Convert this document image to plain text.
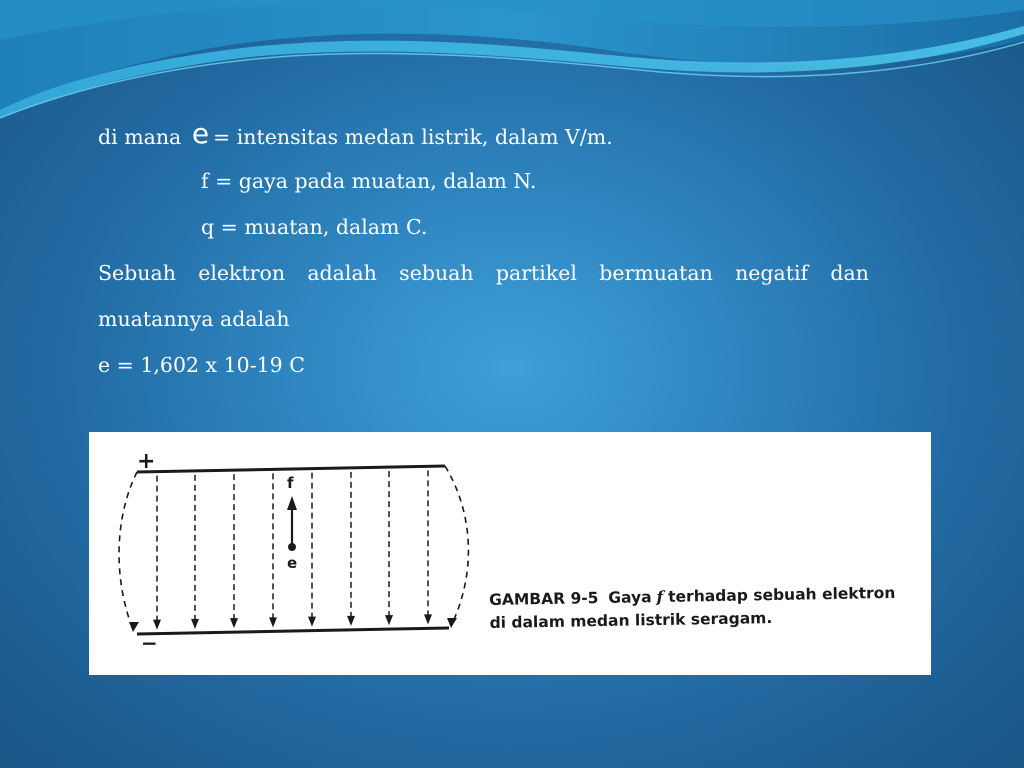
di mana e = intensitas medan listrik, dalam V/m.
f = gaya pada muatan, dalam N.
q = muatan, dalam C.
Sebuah elektron adalah sebuah partikel bermuatan negatif dan
muatannya adalah
e = 1,602 x 10-19 C
+
−
f
e
GAMBAR 9-5 Gaya f terhadap sebuah elektron
di dalam medan listrik seragam.
